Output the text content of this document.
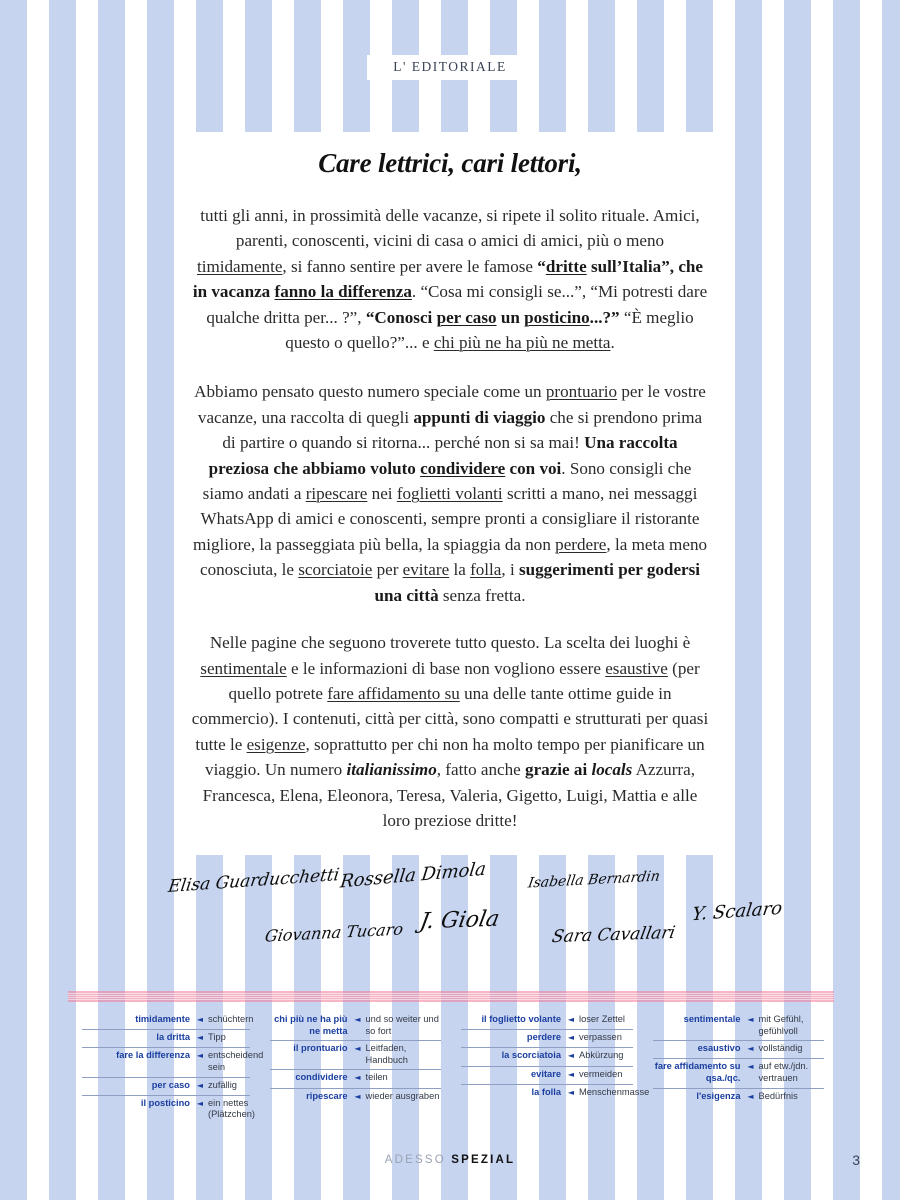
L' EDITORIALE
Care lettrici, cari lettori,

tutti gli anni, in prossimità delle vacanze, si ripete il solito rituale. Amici, parenti, conoscenti, vicini di casa o amici di amici, più o meno timidamente, si fanno sentire per avere le famose “dritte sull’Italia”, che in vacanza fanno la differenza. “Cosa mi consigli se...”, “Mi potresti dare qualche dritta per... ?”, “Conosci per caso un posticino...?” “È meglio questo o quello?”... e chi più ne ha più ne metta.

Abbiamo pensato questo numero speciale come un prontuario per le vostre vacanze, una raccolta di quegli appunti di viaggio che si prendono prima di partire o quando si ritorna... perché non si sa mai! Una raccolta preziosa che abbiamo voluto condividere con voi. Sono consigli che siamo andati a ripescare nei foglietti volanti scritti a mano, nei messaggi WhatsApp di amici e conoscenti, sempre pronti a consigliare il ristorante migliore, la passeggiata più bella, la spiaggia da non perdere, la meta meno conosciuta, le scorciatoie per evitare la folla, i suggerimenti per godersi una città senza fretta.

Nelle pagine che seguono troverete tutto questo. La scelta dei luoghi è sentimentale e le informazioni di base non vogliono essere esaustive (per quello potrete fare affidamento su una delle tante ottime guide in commercio). I contenuti, città per città, sono compatti e strutturati per quasi tutte le esigenze, soprattutto per chi non ha molto tempo per pianificare un viaggio. Un numero italianissimo, fatto anche grazie ai locals Azzurra, Francesca, Elena, Eleonora, Teresa, Valeria, Gigetto, Luigi, Mattia e alle loro preziose dritte!

Elisa Guarducchetti
Rossella Dimola	Isabella Bernardin
Giovanna Tucaro J. Giola
Sara Cavallari
Y. Scalaro
timidamente ◄ schüchtern
la dritta ◄ Tipp
fare la differenza ◄ entscheidend sein
per caso ◄ zufällig
il posticino ◄ ein nettes (Plätzchen)
chi più ne ha più ne metta
◄ und so weiter und so fort
il prontuario ◄ Leitfaden, Handbuch
condividere ◄ teilen
ripescare ◄ wieder ausgraben
il foglietto volante ◄ loser Zettel
perdere ◄ verpassen
la scorciatoia ◄ Abkürzung
evitare ◄ vermeiden
la folla ◄ Menschenmasse
sentimentale ◄ mit Gefühl, gefühlvoll
esaustivo ◄ vollständig
fare affidamento su qsa./qc.
◄ auf etw./jdn. vertrauen
l'esigenza ◄ Bedürfnis
ADESSO SPEZIAL	3
